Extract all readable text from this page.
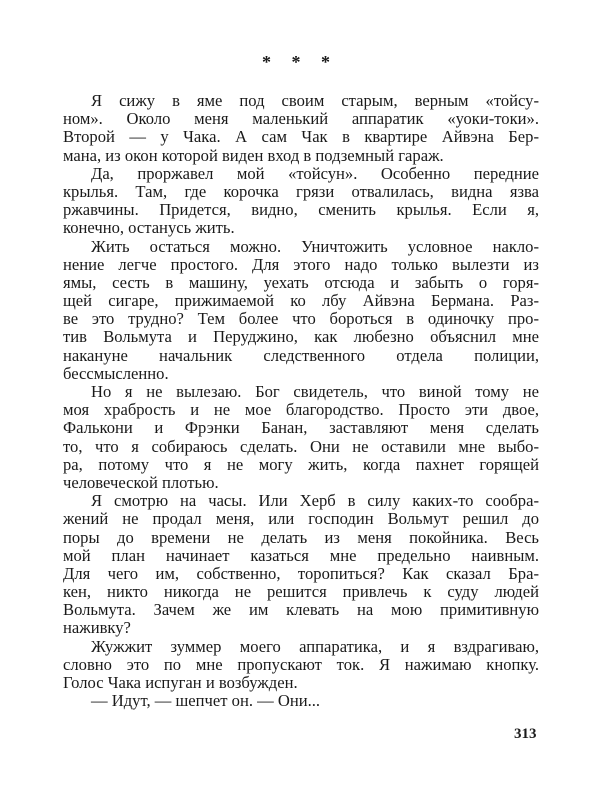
* * *
Я сижу в яме под своим старым, верным «тойсу-
ном». Около меня маленький аппаратик «уоки-токи».
Второй — у Чака. А сам Чак в квартире Айвэна Бер-
мана, из окон которой виден вход в подземный гараж.
Да, проржавел мой «тойсун». Особенно передние
крылья. Там, где корочка грязи отвалилась, видна язва
ржавчины. Придется, видно, сменить крылья. Если я,
конечно, останусь жить.
Жить остаться можно. Уничтожить условное накло-
нение легче простого. Для этого надо только вылезти из
ямы, сесть в машину, уехать отсюда и забыть о горя-
щей сигаре, прижимаемой ко лбу Айвэна Бермана. Раз-
ве это трудно? Тем более что бороться в одиночку про-
тив Вольмута и Перуджино, как любезно объяснил мне
накануне начальник следственного отдела полиции,
бессмысленно.
Но я не вылезаю. Бог свидетель, что виной тому не
моя храбрость и не мое благородство. Просто эти двое,
Фалькони и Фрэнки Банан, заставляют меня сделать
то, что я собираюсь сделать. Они не оставили мне выбо-
ра, потому что я не могу жить, когда пахнет горящей
человеческой плотью.
Я смотрю на часы. Или Херб в силу каких-то сообра-
жений не продал меня, или господин Вольмут решил до
поры до времени не делать из меня покойника. Весь
мой план начинает казаться мне предельно наивным.
Для чего им, собственно, торопиться? Как сказал Бра-
кен, никто никогда не решится привлечь к суду людей
Вольмута. Зачем же им клевать на мою примитивную
наживку?
Жужжит зуммер моего аппаратика, и я вздрагиваю,
словно это по мне пропускают ток. Я нажимаю кнопку.
Голос Чака испуган и возбужден.
— Идут, — шепчет он. — Они...
313
